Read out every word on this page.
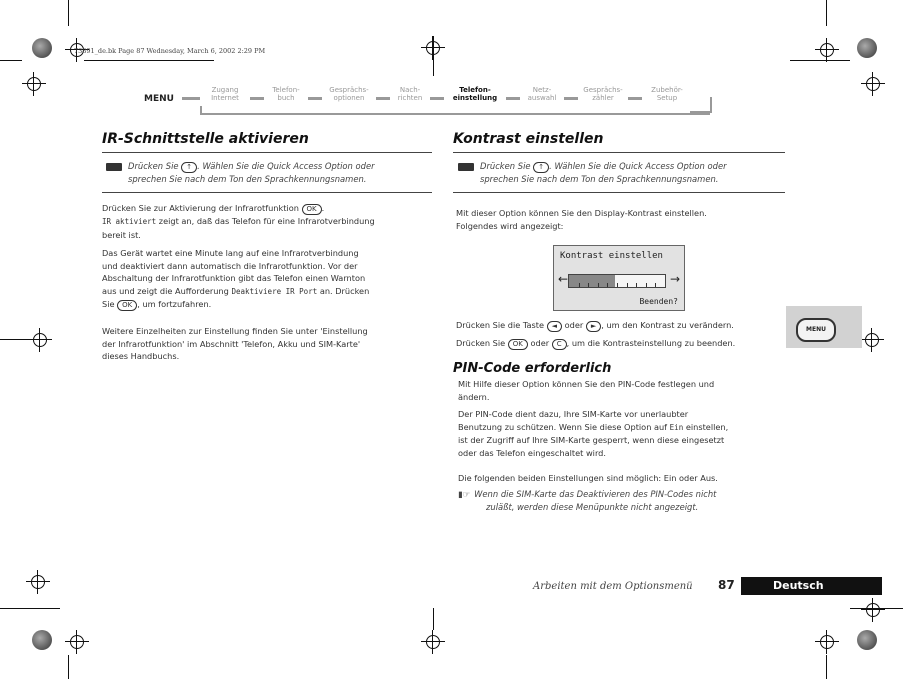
73891_de.bk Page 87 Wednesday, March 6, 2002 2:29 PM
MENU
Zugang
Internet
Telefon-
buch
Gesprächs-
optionen
Nach-
richten
Telefon-
einstellung
Netz-
auswahl
Gesprächs-
zähler
Zubehör-
Setup
IR-Schnittstelle aktivieren
Drücken Sie ↑ . Wählen Sie die Quick Access Option oder
sprechen Sie nach dem Ton den Sprachkennungsnamen.
Drücken Sie zur Aktivierung der Infrarotfunktion OK .
IR aktiviert zeigt an, daß das Telefon für eine Infrarotverbindung
bereit ist.
Das Gerät wartet eine Minute lang auf eine Infrarotverbindung
und deaktiviert dann automatisch die Infrarotfunktion. Vor der
Abschaltung der Infrarotfunktion gibt das Telefon einen Warnton
aus und zeigt die Aufforderung Deaktiviere IR Port an. Drücken
Sie OK , um fortzufahren.
Weitere Einzelheiten zur Einstellung finden Sie unter 'Einstellung
der Infrarotfunktion' im Abschnitt 'Telefon, Akku und SIM-Karte'
dieses Handbuchs.
Kontrast einstellen
Drücken Sie ↑ . Wählen Sie die Quick Access Option oder
sprechen Sie nach dem Ton den Sprachkennungsnamen.
Mit dieser Option können Sie den Display-Kontrast einstellen.
Folgendes wird angezeigt:
Kontrast einstellen
←	→
Beenden?
Drücken Sie die Taste ◄ oder ► , um den Kontrast zu verändern.
Drücken Sie OK oder C , um die Kontrasteinstellung zu beenden.
MENU
PIN-Code erforderlich
Mit Hilfe dieser Option können Sie den PIN-Code festlegen und
ändern.
Der PIN-Code dient dazu, Ihre SIM-Karte vor unerlaubter
Benutzung zu schützen. Wenn Sie diese Option auf Ein einstellen,
ist der Zugriff auf Ihre SIM-Karte gesperrt, wenn diese eingesetzt
oder das Telefon eingeschaltet wird.
Die folgenden beiden Einstellungen sind möglich: Ein oder Aus.
▮☞ Wenn die SIM-Karte das Deaktivieren des PIN-Codes nicht
zuläßt, werden diese Menüpunkte nicht angezeigt.
Arbeiten mit dem Optionsmenü 87	Deutsch
